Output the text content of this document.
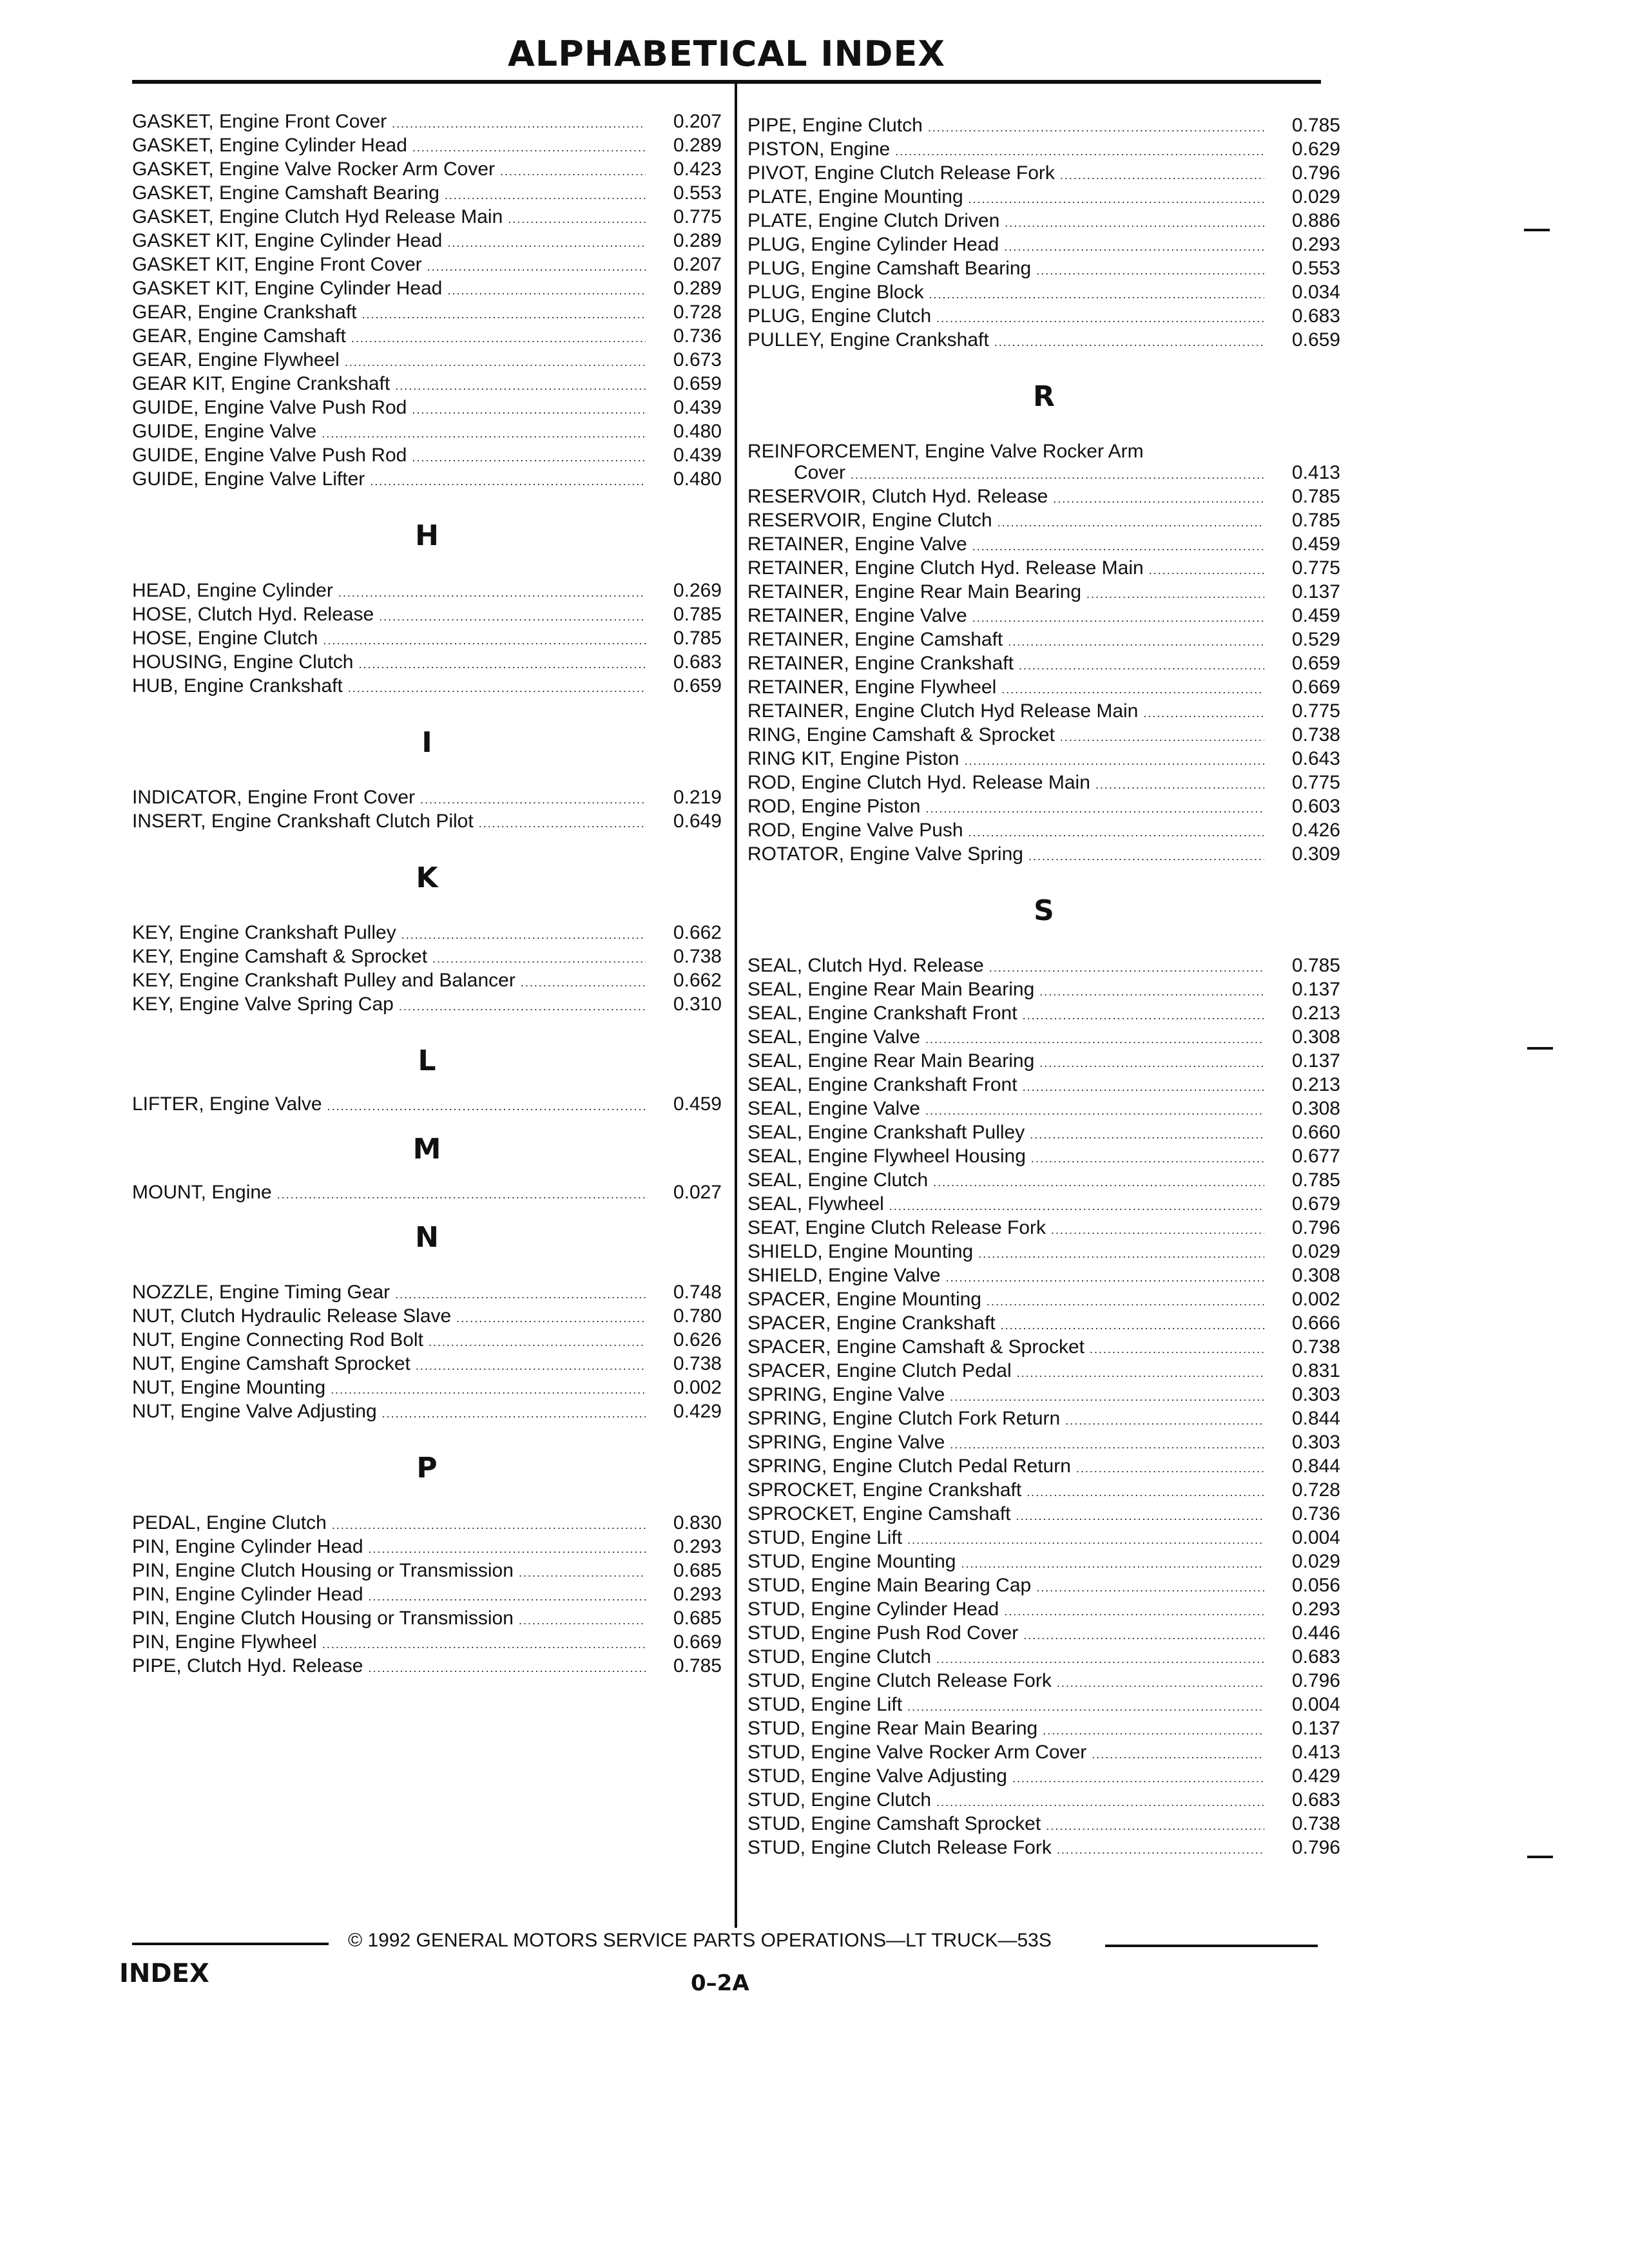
ALPHABETICAL INDEX
GASKET, Engine Front Cover .....	0.207
GASKET, Engine Cylinder Head .....	0.289
GASKET, Engine Valve Rocker Arm Cover .....	0.423
GASKET, Engine Camshaft Bearing .....	0.553
GASKET, Engine Clutch Hyd Release Main .....	0.775
GASKET KIT, Engine Cylinder Head .....	0.289
GASKET KIT, Engine Front Cover .....	0.207
GASKET KIT, Engine Cylinder Head .....	0.289
GEAR, Engine Crankshaft .....	0.728
GEAR, Engine Camshaft .....	0.736
GEAR, Engine Flywheel .....	0.673
GEAR KIT, Engine Crankshaft .....	0.659
GUIDE, Engine Valve Push Rod .....	0.439
GUIDE, Engine Valve .....	0.480
GUIDE, Engine Valve Push Rod .....	0.439
GUIDE, Engine Valve Lifter .....	0.480
H
HEAD, Engine Cylinder .....	0.269
HOSE, Clutch Hyd. Release .....	0.785
HOSE, Engine Clutch .....	0.785
HOUSING, Engine Clutch .....	0.683
HUB, Engine Crankshaft .....	0.659
I
INDICATOR, Engine Front Cover .....	0.219
INSERT, Engine Crankshaft Clutch Pilot .....	0.649
K
KEY, Engine Crankshaft Pulley .....	0.662
KEY, Engine Camshaft & Sprocket .....	0.738
KEY, Engine Crankshaft Pulley and Balancer .....	0.662
KEY, Engine Valve Spring Cap .....	0.310
L
LIFTER, Engine Valve .....	0.459
M
MOUNT, Engine .....	0.027
N
NOZZLE, Engine Timing Gear .....	0.748
NUT, Clutch Hydraulic Release Slave .....	0.780
NUT, Engine Connecting Rod Bolt .....	0.626
NUT, Engine Camshaft Sprocket .....	0.738
NUT, Engine Mounting .....	0.002
NUT, Engine Valve Adjusting .....	0.429
P
PEDAL, Engine Clutch .....	0.830
PIN, Engine Cylinder Head .....	0.293
PIN, Engine Clutch Housing or Transmission .....	0.685
PIN, Engine Cylinder Head .....	0.293
PIN, Engine Clutch Housing or Transmission .....	0.685
PIN, Engine Flywheel .....	0.669
PIPE, Clutch Hyd. Release .....	0.785
PIPE, Engine Clutch .....	0.785
PISTON, Engine .....	0.629
PIVOT, Engine Clutch Release Fork .....	0.796
PLATE, Engine Mounting .....	0.029
PLATE, Engine Clutch Driven .....	0.886
PLUG, Engine Cylinder Head .....	0.293
PLUG, Engine Camshaft Bearing .....	0.553
PLUG, Engine Block .....	0.034
PLUG, Engine Clutch .....	0.683
PULLEY, Engine Crankshaft .....	0.659
R
REINFORCEMENT, Engine Valve Rocker Arm
Cover .....	0.413
RESERVOIR, Clutch Hyd. Release .....	0.785
RESERVOIR, Engine Clutch .....	0.785
RETAINER, Engine Valve .....	0.459
RETAINER, Engine Clutch Hyd. Release Main .....	0.775
RETAINER, Engine Rear Main Bearing .....	0.137
RETAINER, Engine Valve .....	0.459
RETAINER, Engine Camshaft .....	0.529
RETAINER, Engine Crankshaft .....	0.659
RETAINER, Engine Flywheel .....	0.669
RETAINER, Engine Clutch Hyd Release Main .....	0.775
RING, Engine Camshaft & Sprocket .....	0.738
RING KIT, Engine Piston .....	0.643
ROD, Engine Clutch Hyd. Release Main .....	0.775
ROD, Engine Piston .....	0.603
ROD, Engine Valve Push .....	0.426
ROTATOR, Engine Valve Spring .....	0.309
S
SEAL, Clutch Hyd. Release .....	0.785
SEAL, Engine Rear Main Bearing .....	0.137
SEAL, Engine Crankshaft Front .....	0.213
SEAL, Engine Valve .....	0.308
SEAL, Engine Rear Main Bearing .....	0.137
SEAL, Engine Crankshaft Front .....	0.213
SEAL, Engine Valve .....	0.308
SEAL, Engine Crankshaft Pulley .....	0.660
SEAL, Engine Flywheel Housing .....	0.677
SEAL, Engine Clutch .....	0.785
SEAL, Flywheel .....	0.679
SEAT, Engine Clutch Release Fork .....	0.796
SHIELD, Engine Mounting .....	0.029
SHIELD, Engine Valve .....	0.308
SPACER, Engine Mounting .....	0.002
SPACER, Engine Crankshaft .....	0.666
SPACER, Engine Camshaft & Sprocket .....	0.738
SPACER, Engine Clutch Pedal .....	0.831
SPRING, Engine Valve .....	0.303
SPRING, Engine Clutch Fork Return .....	0.844
SPRING, Engine Valve .....	0.303
SPRING, Engine Clutch Pedal Return .....	0.844
SPROCKET, Engine Crankshaft .....	0.728
SPROCKET, Engine Camshaft .....	0.736
STUD, Engine Lift .....	0.004
STUD, Engine Mounting .....	0.029
STUD, Engine Main Bearing Cap .....	0.056
STUD, Engine Cylinder Head .....	0.293
STUD, Engine Push Rod Cover .....	0.446
STUD, Engine Clutch .....	0.683
STUD, Engine Clutch Release Fork .....	0.796
STUD, Engine Lift .....	0.004
STUD, Engine Rear Main Bearing .....	0.137
STUD, Engine Valve Rocker Arm Cover .....	0.413
STUD, Engine Valve Adjusting .....	0.429
STUD, Engine Clutch .....	0.683
STUD, Engine Camshaft Sprocket .....	0.738
STUD, Engine Clutch Release Fork .....	0.796
© 1992 GENERAL MOTORS SERVICE PARTS OPERATIONS—LT TRUCK—53S
INDEX	0–2A
